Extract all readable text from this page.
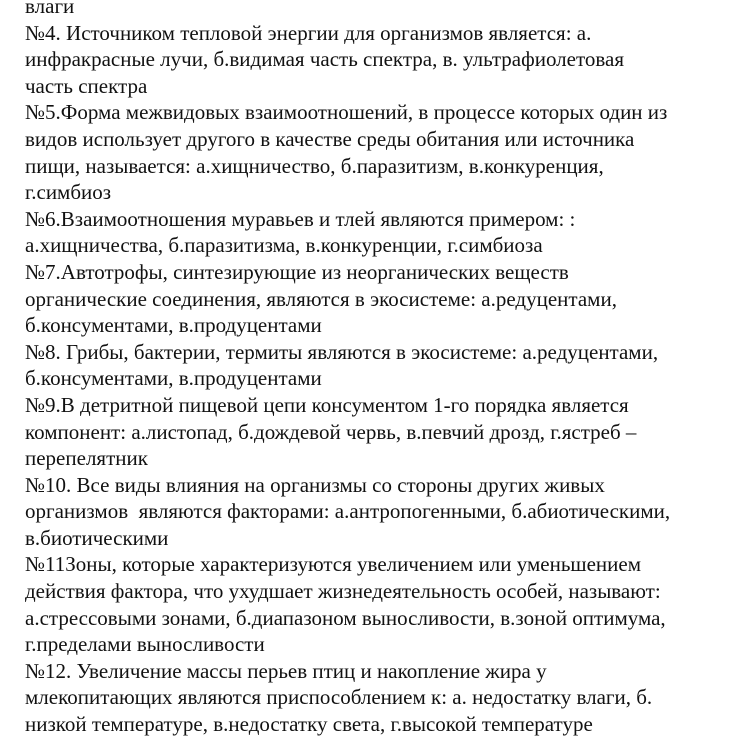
влаги
№4. Источником тепловой энергии для организмов является: а.
инфракрасные лучи, б.видимая часть спектра, в. ультрафиолетовая
часть спектра
№5.Форма межвидовых взаимоотношений, в процессе которых один из
видов использует другого в качестве среды обитания или источника
пищи, называется: а.хищничество, б.паразитизм, в.конкуренция,
г.симбиоз
№6.Взаимоотношения муравьев и тлей являются примером: :
а.хищничества, б.паразитизма, в.конкуренции, г.симбиоза
№7.Автотрофы, синтезирующие из неорганических веществ
органические соединения, являются в экосистеме: а.редуцентами,
б.консументами, в.продуцентами
№8. Грибы, бактерии, термиты являются в экосистеме: а.редуцентами,
б.консументами, в.продуцентами
№9.В детритной пищевой цепи консументом 1-го порядка является
компонент: а.листопад, б.дождевой червь, в.певчий дрозд, г.ястреб –
перепелятник
№10. Все виды влияния на организмы со стороны других живых
организмов  являются факторами: а.антропогенными, б.абиотическими,
в.биотическими
№11Зоны, которые характеризуются увеличением или уменьшением
действия фактора, что ухудшает жизнедеятельность особей, называют:
а.стрессовыми зонами, б.диапазоном выносливости, в.зоной оптимума,
г.пределами выносливости
№12. Увеличение массы перьев птиц и накопление жира у
млекопитающих являются приспособлением к: а. недостатку влаги, б.
низкой температуре, в.недостатку света, г.высокой температуре
